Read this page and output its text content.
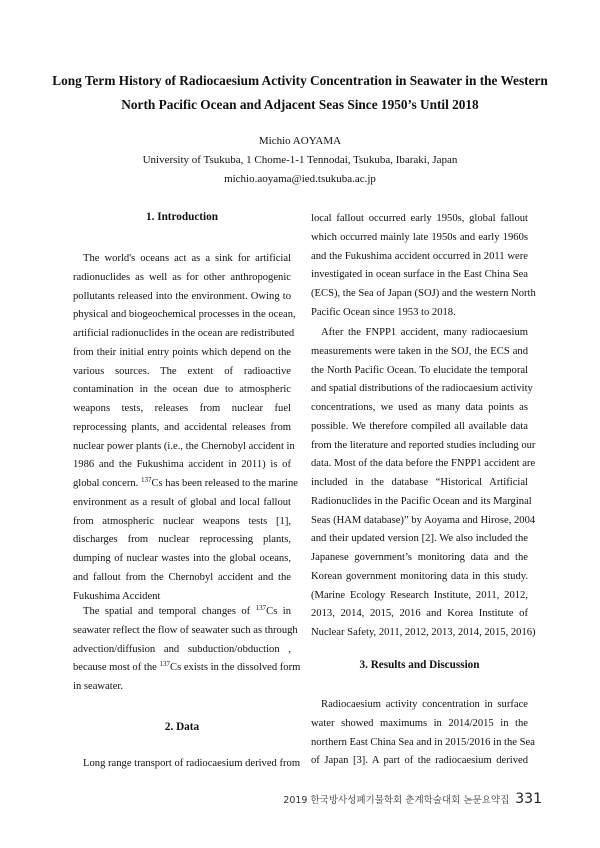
Long Term History of Radiocaesium Activity Concentration in Seawater in the Western
North Pacific Ocean and Adjacent Seas Since 1950’s Until 2018
Michio AOYAMA
University of Tsukuba, 1 Chome-1-1 Tennodai, Tsukuba, Ibaraki, Japan
michio.aoyama@ied.tsukuba.ac.jp
1. Introduction
The world's oceans act as a sink for artificial
radionuclides as well as for other anthropogenic
pollutants released into the environment. Owing to
physical and biogeochemical processes in the ocean,
artificial radionuclides in the ocean are redistributed
from their initial entry points which depend on the
various sources. The extent of radioactive
contamination in the ocean due to atmospheric
weapons tests, releases from nuclear fuel
reprocessing plants, and accidental releases from
nuclear power plants (i.e., the Chernobyl accident in
1986 and the Fukushima accident in 2011) is of
global concern. $^{137}$Cs has been released to the marine
environment as a result of global and local fallout
from atmospheric nuclear weapons tests [1],
discharges from nuclear reprocessing plants,
dumping of nuclear wastes into the global oceans,
and fallout from the Chernobyl accident and the
Fukushima Accident
The spatial and temporal changes of $^{137}$Cs in
seawater reflect the flow of seawater such as through
advection/diffusion and subduction/obduction ,
because most of the $^{137}$Cs exists in the dissolved form
in seawater.
2. Data
Long range transport of radiocaesium derived from
local fallout occurred early 1950s, global fallout
which occurred mainly late 1950s and early 1960s
and the Fukushima accident occurred in 2011 were
investigated in ocean surface in the East China Sea
(ECS), the Sea of Japan (SOJ) and the western North
Pacific Ocean since 1953 to 2018.
After the FNPP1 accident, many radiocaesium
measurements were taken in the SOJ, the ECS and
the North Pacific Ocean. To elucidate the temporal
and spatial distributions of the radiocaesium activity
concentrations, we used as many data points as
possible. We therefore compiled all available data
from the literature and reported studies including our
data. Most of the data before the FNPP1 accident are
included in the database “Historical Artificial
Radionuclides in the Pacific Ocean and its Marginal
Seas (HAM database)” by Aoyama and Hirose, 2004
and their updated version [2]. We also included the
Japanese government’s monitoring data and the
Korean government monitoring data in this study.
(Marine Ecology Research Institute, 2011, 2012,
2013, 2014, 2015, 2016 and Korea Institute of
Nuclear Safety, 2011, 2012, 2013, 2014, 2015, 2016)
3. Results and Discussion
Radiocaesium activity concentration in surface
water showed maximums in 2014/2015 in the
northern East China Sea and in 2015/2016 in the Sea
of Japan [3]. A part of the radiocaesium derived
2019 한국방사성폐기물학회 춘계학술대회 논문요약집 331
